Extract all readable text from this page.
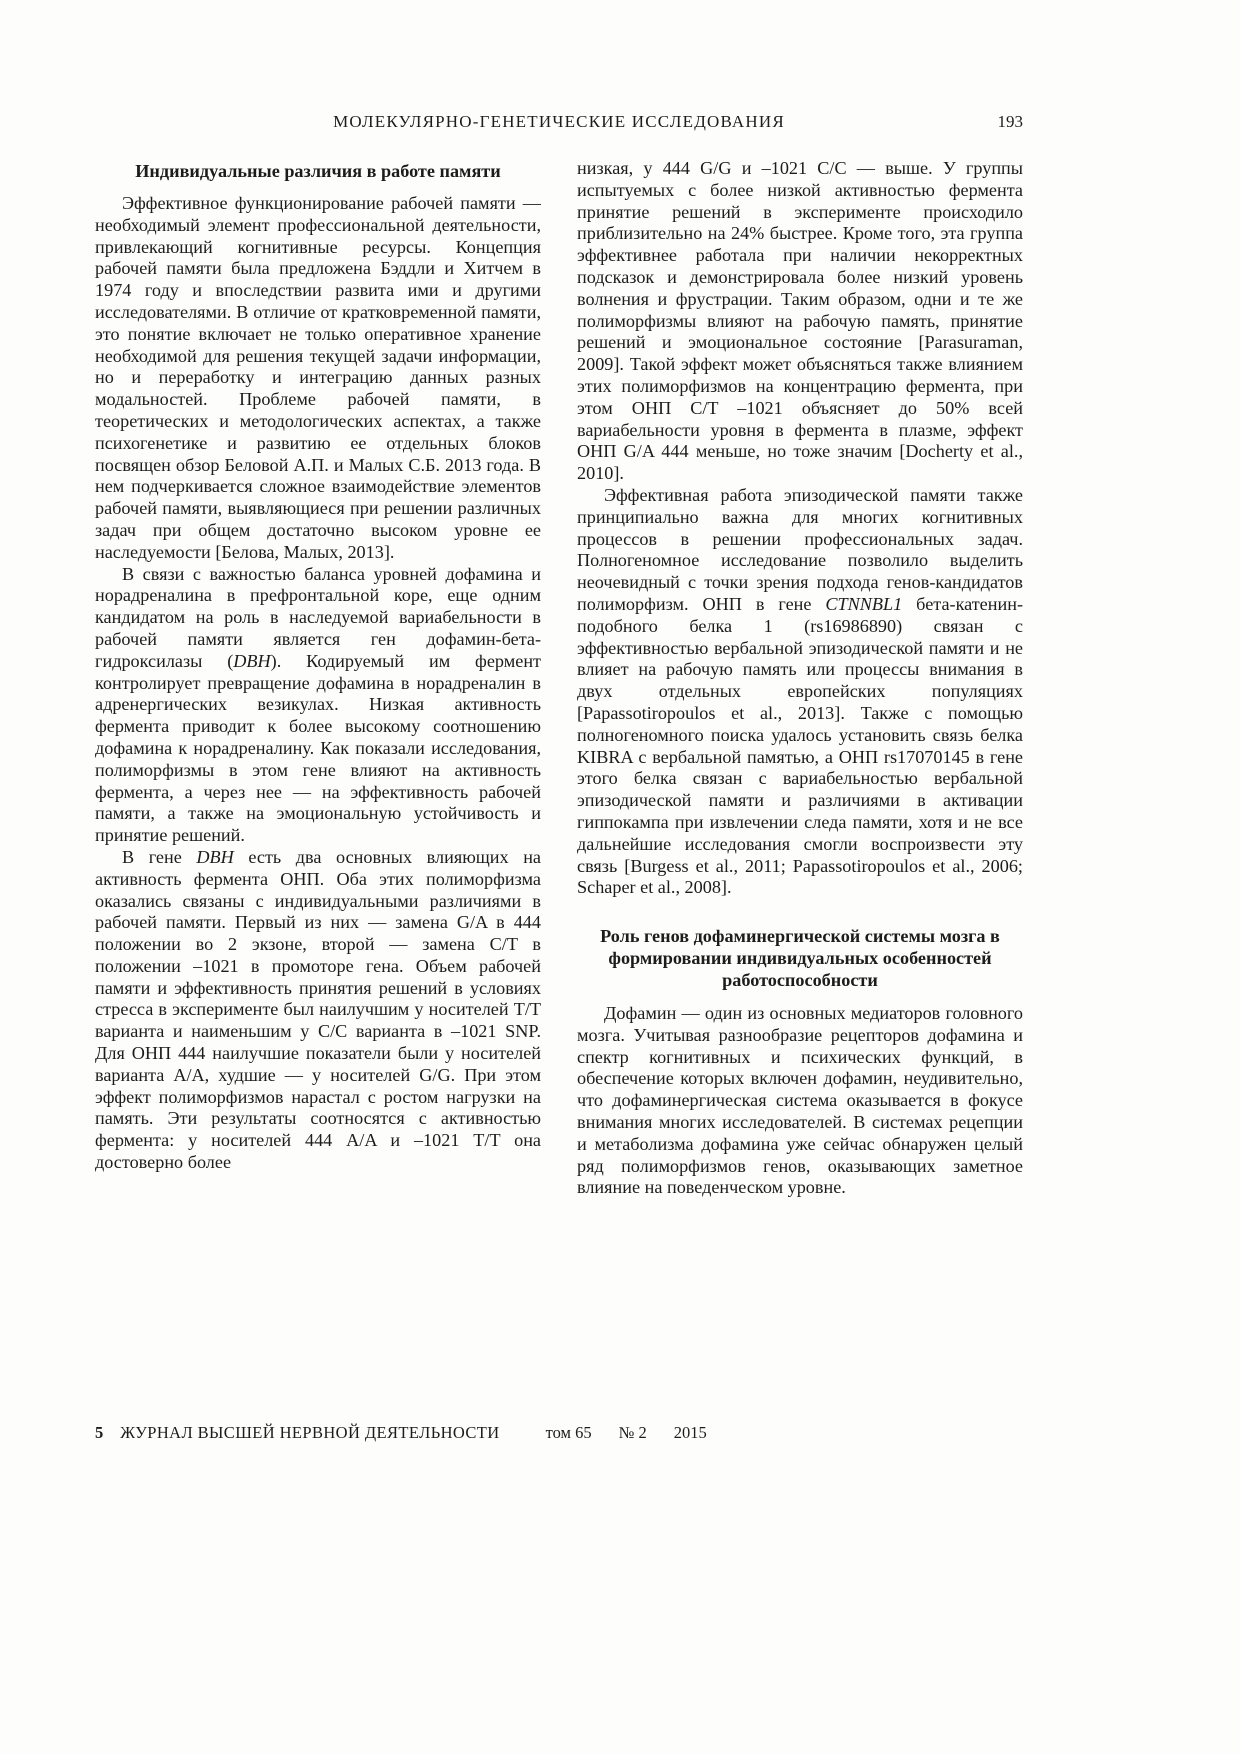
МОЛЕКУЛЯРНО-ГЕНЕТИЧЕСКИЕ ИССЛЕДОВАНИЯ	193
Индивидуальные различия в работе памяти

Эффективное функционирование рабочей памяти — необходимый элемент профессиональной деятельности, привлекающий когнитивные ресурсы. Концепция рабочей памяти была предложена Бэддли и Хитчем в 1974 году и впоследствии развита ими и другими исследователями. В отличие от кратковременной памяти, это понятие включает не только оперативное хранение необходимой для решения текущей задачи информации, но и переработку и интеграцию данных разных модальностей. Проблеме рабочей памяти, в теоретических и методологических аспектах, а также психогенетике и развитию ее отдельных блоков посвящен обзор Беловой А.П. и Малых С.Б. 2013 года. В нем подчеркивается сложное взаимодействие элементов рабочей памяти, выявляющиеся при решении различных задач при общем достаточно высоком уровне ее наследуемости [Белова, Малых, 2013].

В связи с важностью баланса уровней дофамина и норадреналина в префронтальной коре, еще одним кандидатом на роль в наследуемой вариабельности в рабочей памяти является ген дофамин-бета-гидроксилазы (DBH). Кодируемый им фермент контролирует превращение дофамина в норадреналин в адренергических везикулах. Низкая активность фермента приводит к более высокому соотношению дофамина к норадреналину. Как показали исследования, полиморфизмы в этом гене влияют на активность фермента, а через нее — на эффективность рабочей памяти, а также на эмоциональную устойчивость и принятие решений.

В гене DBH есть два основных влияющих на активность фермента ОНП. Оба этих полиморфизма оказались связаны с индивидуальными различиями в рабочей памяти. Первый из них — замена G/A в 444 положении во 2 экзоне, второй — замена C/T в положении –1021 в промоторе гена. Объем рабочей памяти и эффективность принятия решений в условиях стресса в эксперименте был наилучшим у носителей T/T варианта и наименьшим у C/C варианта в –1021 SNP. Для ОНП 444 наилучшие показатели были у носителей варианта A/A, худшие — у носителей G/G. При этом эффект полиморфизмов нарастал с ростом нагрузки на память. Эти результаты соотносятся с активностью фермента: у носителей 444 A/A и –1021 T/T она достоверно более

низкая, у 444 G/G и –1021 C/C — выше. У группы испытуемых с более низкой активностью фермента принятие решений в эксперименте происходило приблизительно на 24% быстрее. Кроме того, эта группа эффективнее работала при наличии некорректных подсказок и демонстрировала более низкий уровень волнения и фрустрации. Таким образом, одни и те же полиморфизмы влияют на рабочую память, принятие решений и эмоциональное состояние [Parasuraman, 2009]. Такой эффект может объясняться также влиянием этих полиморфизмов на концентрацию фермента, при этом ОНП C/T –1021 объясняет до 50% всей вариабельности уровня в фермента в плазме, эффект ОНП G/A 444 меньше, но тоже значим [Docherty et al., 2010].

Эффективная работа эпизодической памяти также принципиально важна для многих когнитивных процессов в решении профессиональных задач. Полногеномное исследование позволило выделить неочевидный с точки зрения подхода генов-кандидатов полиморфизм. ОНП в гене CTNNBL1 бета-катенин-подобного белка 1 (rs16986890) связан с эффективностью вербальной эпизодической памяти и не влияет на рабочую память или процессы внимания в двух отдельных европейских популяциях [Papassotiropoulos et al., 2013]. Также с помощью полногеномного поиска удалось установить связь белка KIBRA с вербальной памятью, а ОНП rs17070145 в гене этого белка связан с вариабельностью вербальной эпизодической памяти и различиями в активации гиппокампа при извлечении следа памяти, хотя и не все дальнейшие исследования смогли воспроизвести эту связь [Burgess et al., 2011; Papassotiropoulos et al., 2006; Schaper et al., 2008].

Роль генов дофаминергической системы мозга в формировании индивидуальных особенностей работоспособности

Дофамин — один из основных медиаторов головного мозга. Учитывая разнообразие рецепторов дофамина и спектр когнитивных и психических функций, в обеспечение которых включен дофамин, неудивительно, что дофаминергическая система оказывается в фокусе внимания многих исследователей. В системах рецепции и метаболизма дофамина уже сейчас обнаружен целый ряд полиморфизмов генов, оказывающих заметное влияние на поведенческом уровне.

5 ЖУРНАЛ ВЫСШЕЙ НЕРВНОЙ ДЕЯТЕЛЬНОСТИ	том 65 № 2 2015
